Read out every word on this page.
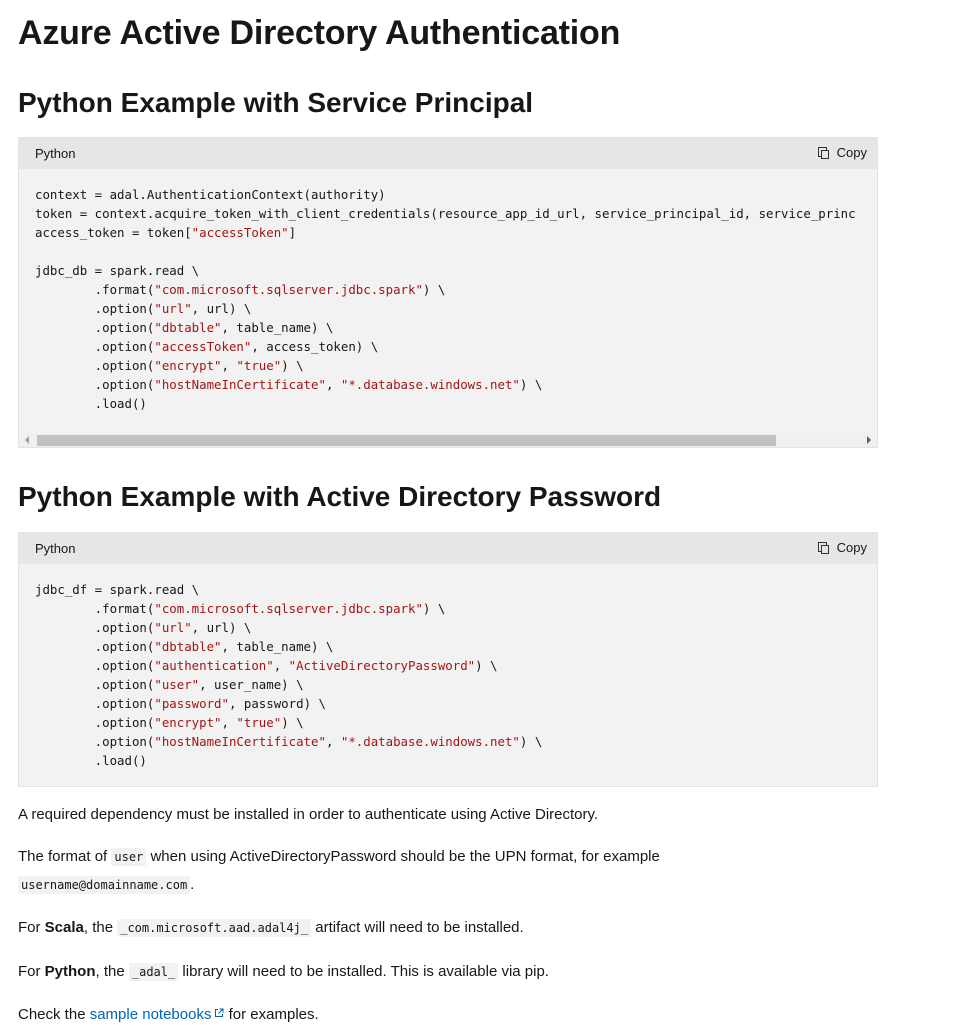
Azure Active Directory Authentication
Python Example with Service Principal
Python	Copy
context = adal.AuthenticationContext(authority)
token = context.acquire_token_with_client_credentials(resource_app_id_url, service_principal_id, service_princ
access_token = token["accessToken"]

jdbc_db = spark.read \
.format("com.microsoft.sqlserver.jdbc.spark") \
.option("url", url) \
.option("dbtable", table_name) \
.option("accessToken", access_token) \
.option("encrypt", "true") \
.option("hostNameInCertificate", "*.database.windows.net") \
.load()
Python Example with Active Directory Password
Python	Copy
jdbc_df = spark.read \
.format("com.microsoft.sqlserver.jdbc.spark") \
.option("url", url) \
.option("dbtable", table_name) \
.option("authentication", "ActiveDirectoryPassword") \
.option("user", user_name) \
.option("password", password) \
.option("encrypt", "true") \
.option("hostNameInCertificate", "*.database.windows.net") \
.load()

A required dependency must be installed in order to authenticate using Active Directory.

The format of user when using ActiveDirectoryPassword should be the UPN format, for example
username@domainname.com .

For Scala, the _com.microsoft.aad.adal4j_ artifact will need to be installed.

For Python, the _adal_ library will need to be installed. This is available via pip.

Check the sample notebooks for examples.
